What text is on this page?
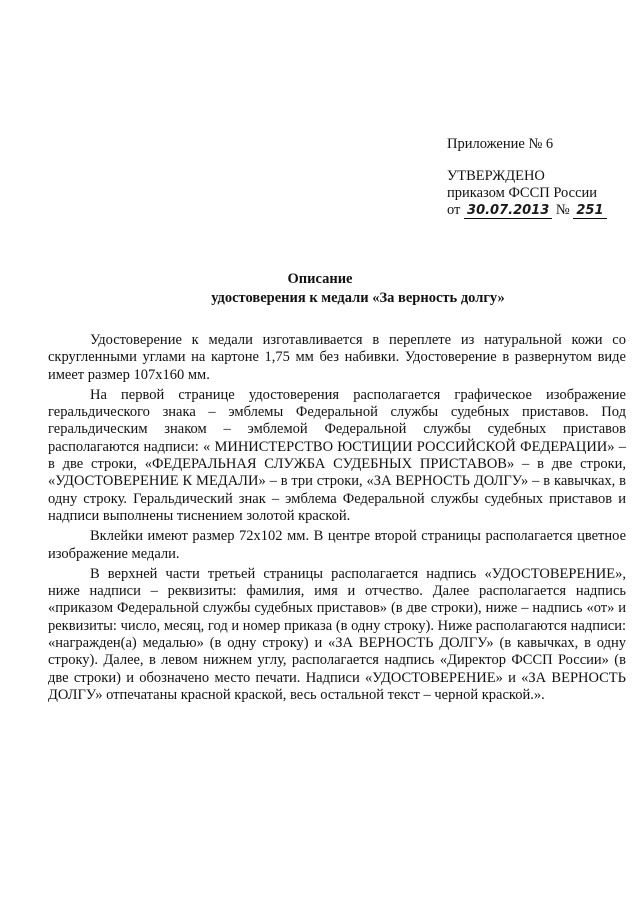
Приложение № 6
УТВЕРЖДЕНО
приказом ФССП России
от 30.07.2013 № 251
Описание
удостоверения к медали «За верность долгу»

Удостоверение к медали изготавливается в переплете из натуральной кожи со скругленными углами на картоне 1,75 мм без набивки. Удостоверение в развернутом виде имеет размер 107х160 мм.

На первой странице удостоверения располагается графическое изображение геральдического знака – эмблемы Федеральной службы судебных приставов. Под геральдическим знаком – эмблемой Федеральной службы судебных приставов располагаются надписи: « МИНИСТЕРСТВО ЮСТИЦИИ РОССИЙСКОЙ ФЕДЕРАЦИИ» – в две строки, «ФЕДЕРАЛЬНАЯ СЛУЖБА СУДЕБНЫХ ПРИСТАВОВ» – в две строки, «УДОСТОВЕРЕНИЕ К МЕДАЛИ» – в три строки, «ЗА ВЕРНОСТЬ ДОЛГУ» – в кавычках, в одну строку. Геральдический знак – эмблема Федеральной службы судебных приставов и надписи выполнены тиснением золотой краской.

Вклейки имеют размер 72х102 мм. В центре второй страницы располагается цветное изображение медали.

В верхней части третьей страницы располагается надпись «УДОСТОВЕРЕНИЕ», ниже надписи – реквизиты: фамилия, имя и отчество. Далее располагается надпись «приказом Федеральной службы судебных приставов» (в две строки), ниже – надпись «от» и реквизиты: число, месяц, год и номер приказа (в одну строку). Ниже располагаются надписи: «награжден(а) медалью» (в одну строку) и «ЗА ВЕРНОСТЬ ДОЛГУ» (в кавычках, в одну строку). Далее, в левом нижнем углу, располагается надпись «Директор ФССП России» (в две строки) и обозначено место печати. Надписи «УДОСТОВЕРЕНИЕ» и «ЗА ВЕРНОСТЬ ДОЛГУ» отпечатаны красной краской, весь остальной текст – черной краской.».
